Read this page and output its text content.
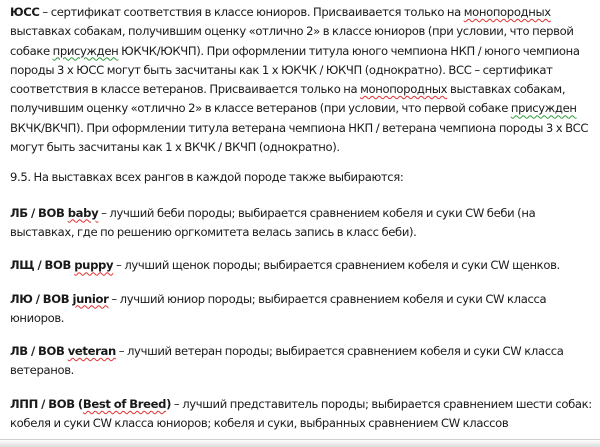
ЮСС – сертификат соответствия в классе юниоров. Присваивается только на монопородных выставках собакам, получившим оценку «отлично 2» в классе юниоров (при условии, что первой собаке присужден ЮКЧК/ЮКЧП). При оформлении титула юного чемпиона НКП / юного чемпиона породы 3 х ЮСС могут быть засчитаны как 1 х ЮКЧК / ЮКЧП (однократно). ВСС – сертификат соответствия в классе ветеранов. Присваивается только на монопородных выставках собакам, получившим оценку «отлично 2» в классе ветеранов (при условии, что первой собаке присужден ВКЧК/ВКЧП). При оформлении титула ветерана чемпиона НКП / ветерана чемпиона породы 3 х ВСС могут быть засчитаны как 1 х ВКЧК / ВКЧП (однократно).

9.5. На выставках всех рангов в каждой породе также выбираются:

ЛБ / BOB baby – лучший беби породы; выбирается сравнением кобеля и суки CW беби (на выставках, где по решению оргкомитета велась запись в класс беби).

ЛЩ / BOB puppy – лучший щенок породы; выбирается сравнением кобеля и суки CW щенков.

ЛЮ / BOB junior – лучший юниор породы; выбирается сравнением кобеля и суки CW класса юниоров.

ЛВ / BOB veteran – лучший ветеран породы; выбирается сравнением кобеля и суки CW класса ветеранов.

ЛПП / BOB (Best of Breed) – лучший представитель породы; выбирается сравнением шести собак: кобеля и суки CW класса юниоров; кобеля и суки, выбранных сравнением CW классов
